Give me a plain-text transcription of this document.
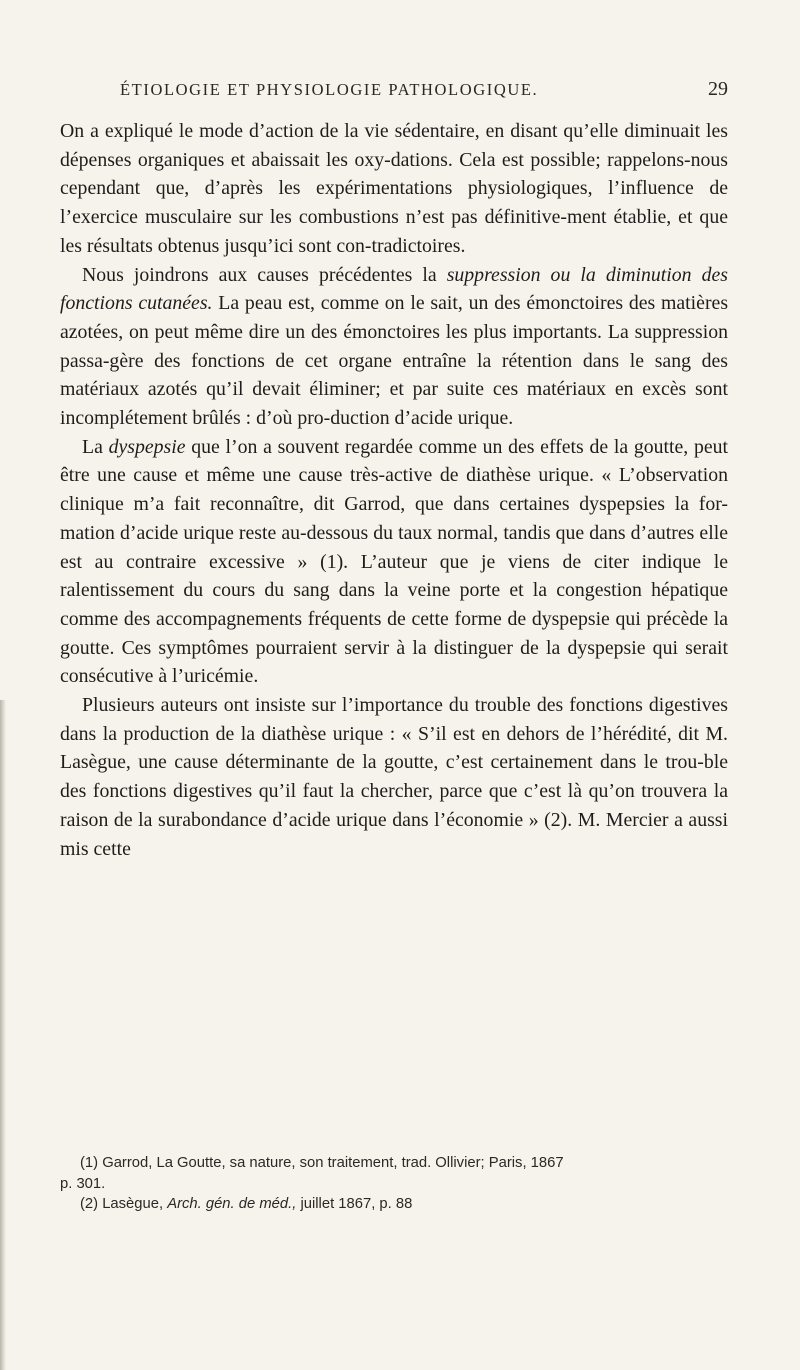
ÉTIOLOGIE ET PHYSIOLOGIE PATHOLOGIQUE.	29

On a expliqué le mode d’action de la vie sédentaire, en disant qu’elle diminuait les dépenses organiques et abaissait les oxy-dations. Cela est possible; rappelons-nous cependant que, d’après les expérimentations physiologiques, l’influence de l’exercice musculaire sur les combustions n’est pas définitive-ment établie, et que les résultats obtenus jusqu’ici sont con-tradictoires.

Nous joindrons aux causes précédentes la suppression ou la diminution des fonctions cutanées. La peau est, comme on le sait, un des émonctoires des matières azotées, on peut même dire un des émonctoires les plus importants. La suppression passa-gère des fonctions de cet organe entraîne la rétention dans le sang des matériaux azotés qu’il devait éliminer; et par suite ces matériaux en excès sont incomplétement brûlés : d’où pro-duction d’acide urique.

La dyspepsie que l’on a souvent regardée comme un des effets de la goutte, peut être une cause et même une cause très-active de diathèse urique. « L’observation clinique m’a fait reconnaître, dit Garrod, que dans certaines dyspepsies la for-mation d’acide urique reste au-dessous du taux normal, tandis que dans d’autres elle est au contraire excessive » (1). L’auteur que je viens de citer indique le ralentissement du cours du sang dans la veine porte et la congestion hépatique comme des accompagnements fréquents de cette forme de dyspepsie qui précède la goutte. Ces symptômes pourraient servir à la distinguer de la dyspepsie qui serait consécutive à l’uricémie.

Plusieurs auteurs ont insiste sur l’importance du trouble des fonctions digestives dans la production de la diathèse urique : « S’il est en dehors de l’hérédité, dit M. Lasègue, une cause déterminante de la goutte, c’est certainement dans le trou-ble des fonctions digestives qu’il faut la chercher, parce que c’est là qu’on trouvera la raison de la surabondance d’acide urique dans l’économie » (2). M. Mercier a aussi mis cette

(1) Garrod, La Goutte, sa nature, son traitement, trad. Ollivier; Paris, 1867

p. 301.

(2) Lasègue, Arch. gén. de méd., juillet 1867, p. 88
